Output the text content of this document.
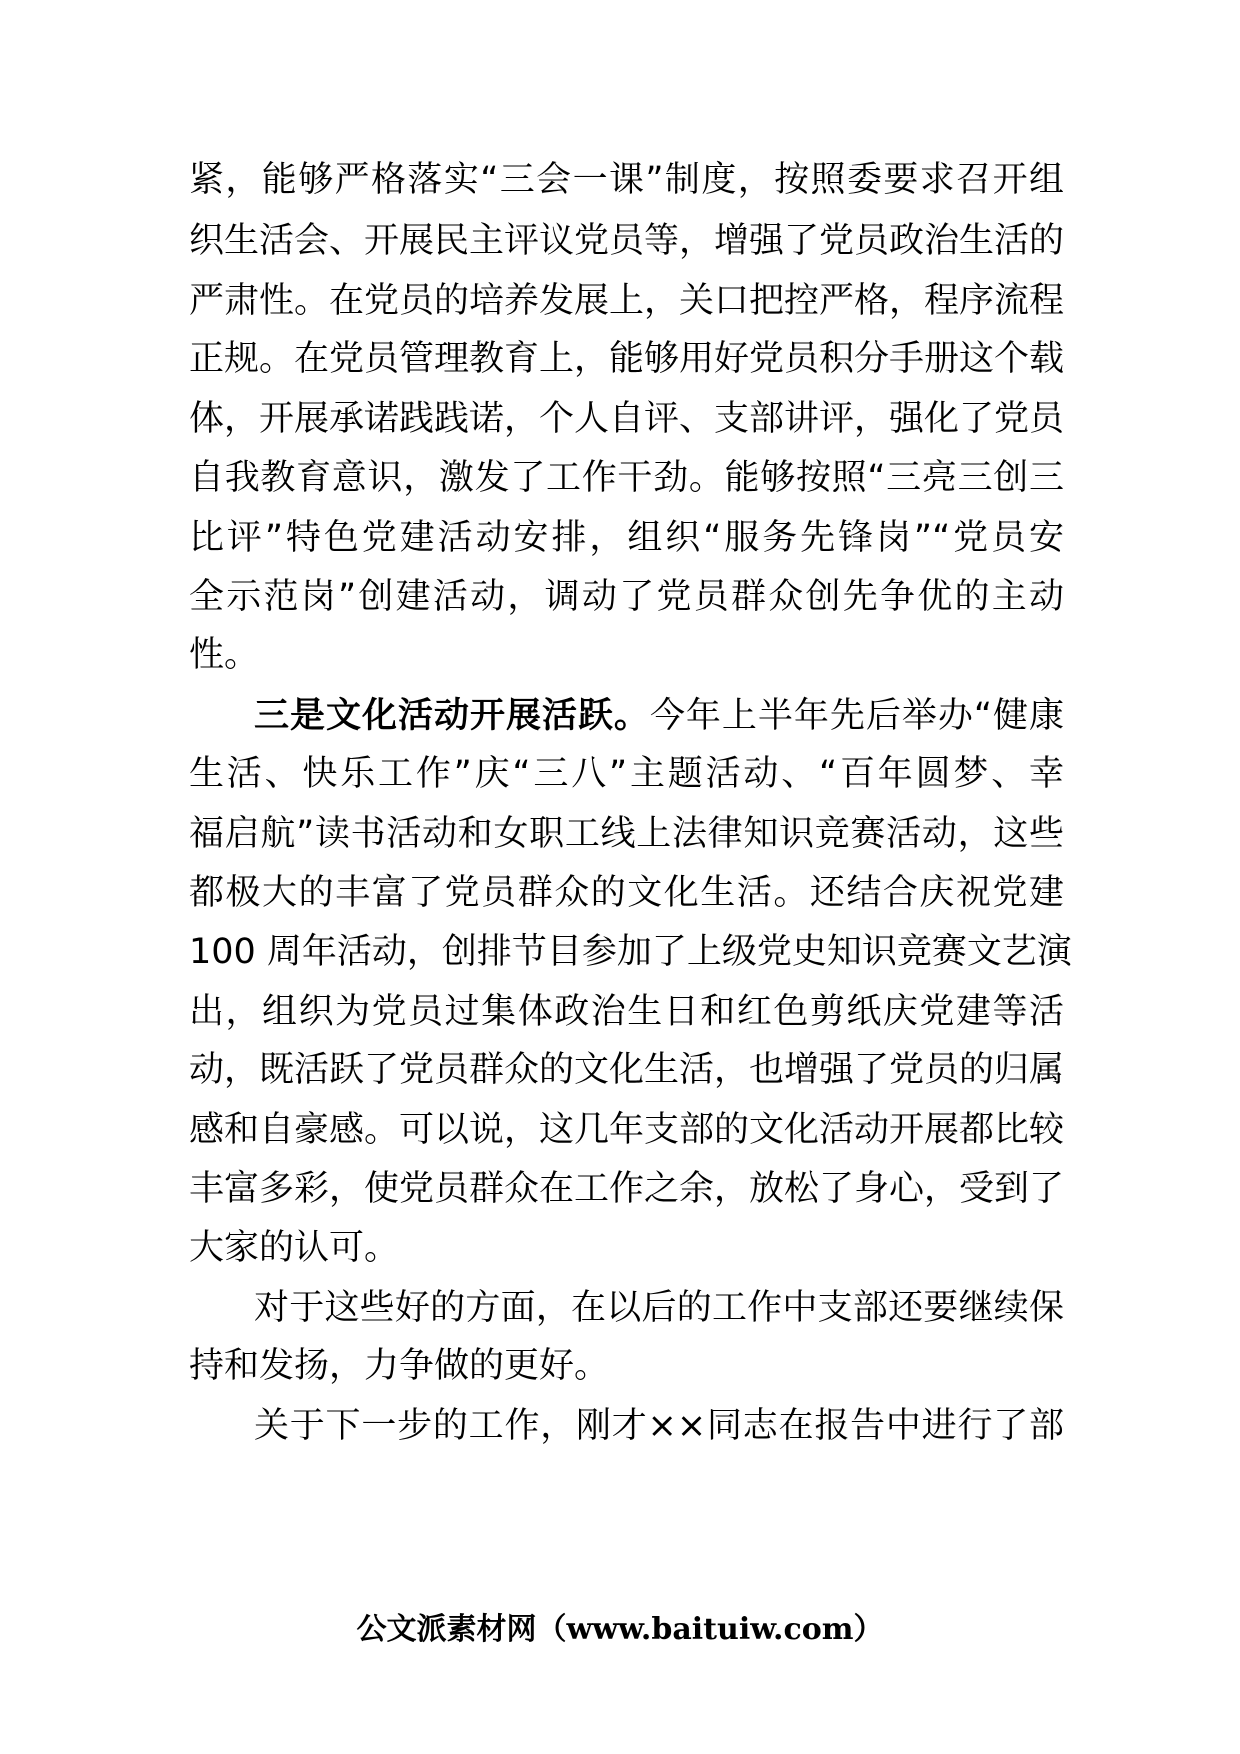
紧，能够严格落实“三会一课”制度，按照委要求召开组
织生活会、开展民主评议党员等，增强了党员政治生活的
严肃性。在党员的培养发展上，关口把控严格，程序流程
正规。在党员管理教育上，能够用好党员积分手册这个载
体，开展承诺践践诺，个人自评、支部讲评，强化了党员
自我教育意识，激发了工作干劲。能够按照“三亮三创三
比评”特色党建活动安排，组织“服务先锋岗”“党员安
全示范岗”创建活动，调动了党员群众创先争优的主动
性。
三是文化活动开展活跃。今年上半年先后举办“健康
生活、快乐工作”庆“三八”主题活动、“百年圆梦、幸
福启航”读书活动和女职工线上法律知识竞赛活动，这些
都极大的丰富了党员群众的文化生活。还结合庆祝党建
100 周年活动，创排节目参加了上级党史知识竞赛文艺演
出，组织为党员过集体政治生日和红色剪纸庆党建等活
动，既活跃了党员群众的文化生活，也增强了党员的归属
感和自豪感。可以说，这几年支部的文化活动开展都比较
丰富多彩，使党员群众在工作之余，放松了身心，受到了
大家的认可。
对于这些好的方面，在以后的工作中支部还要继续保
持和发扬，力争做的更好。
关于下一步的工作，刚才××同志在报告中进行了部
公文派素材网（www.baituiw.com）
